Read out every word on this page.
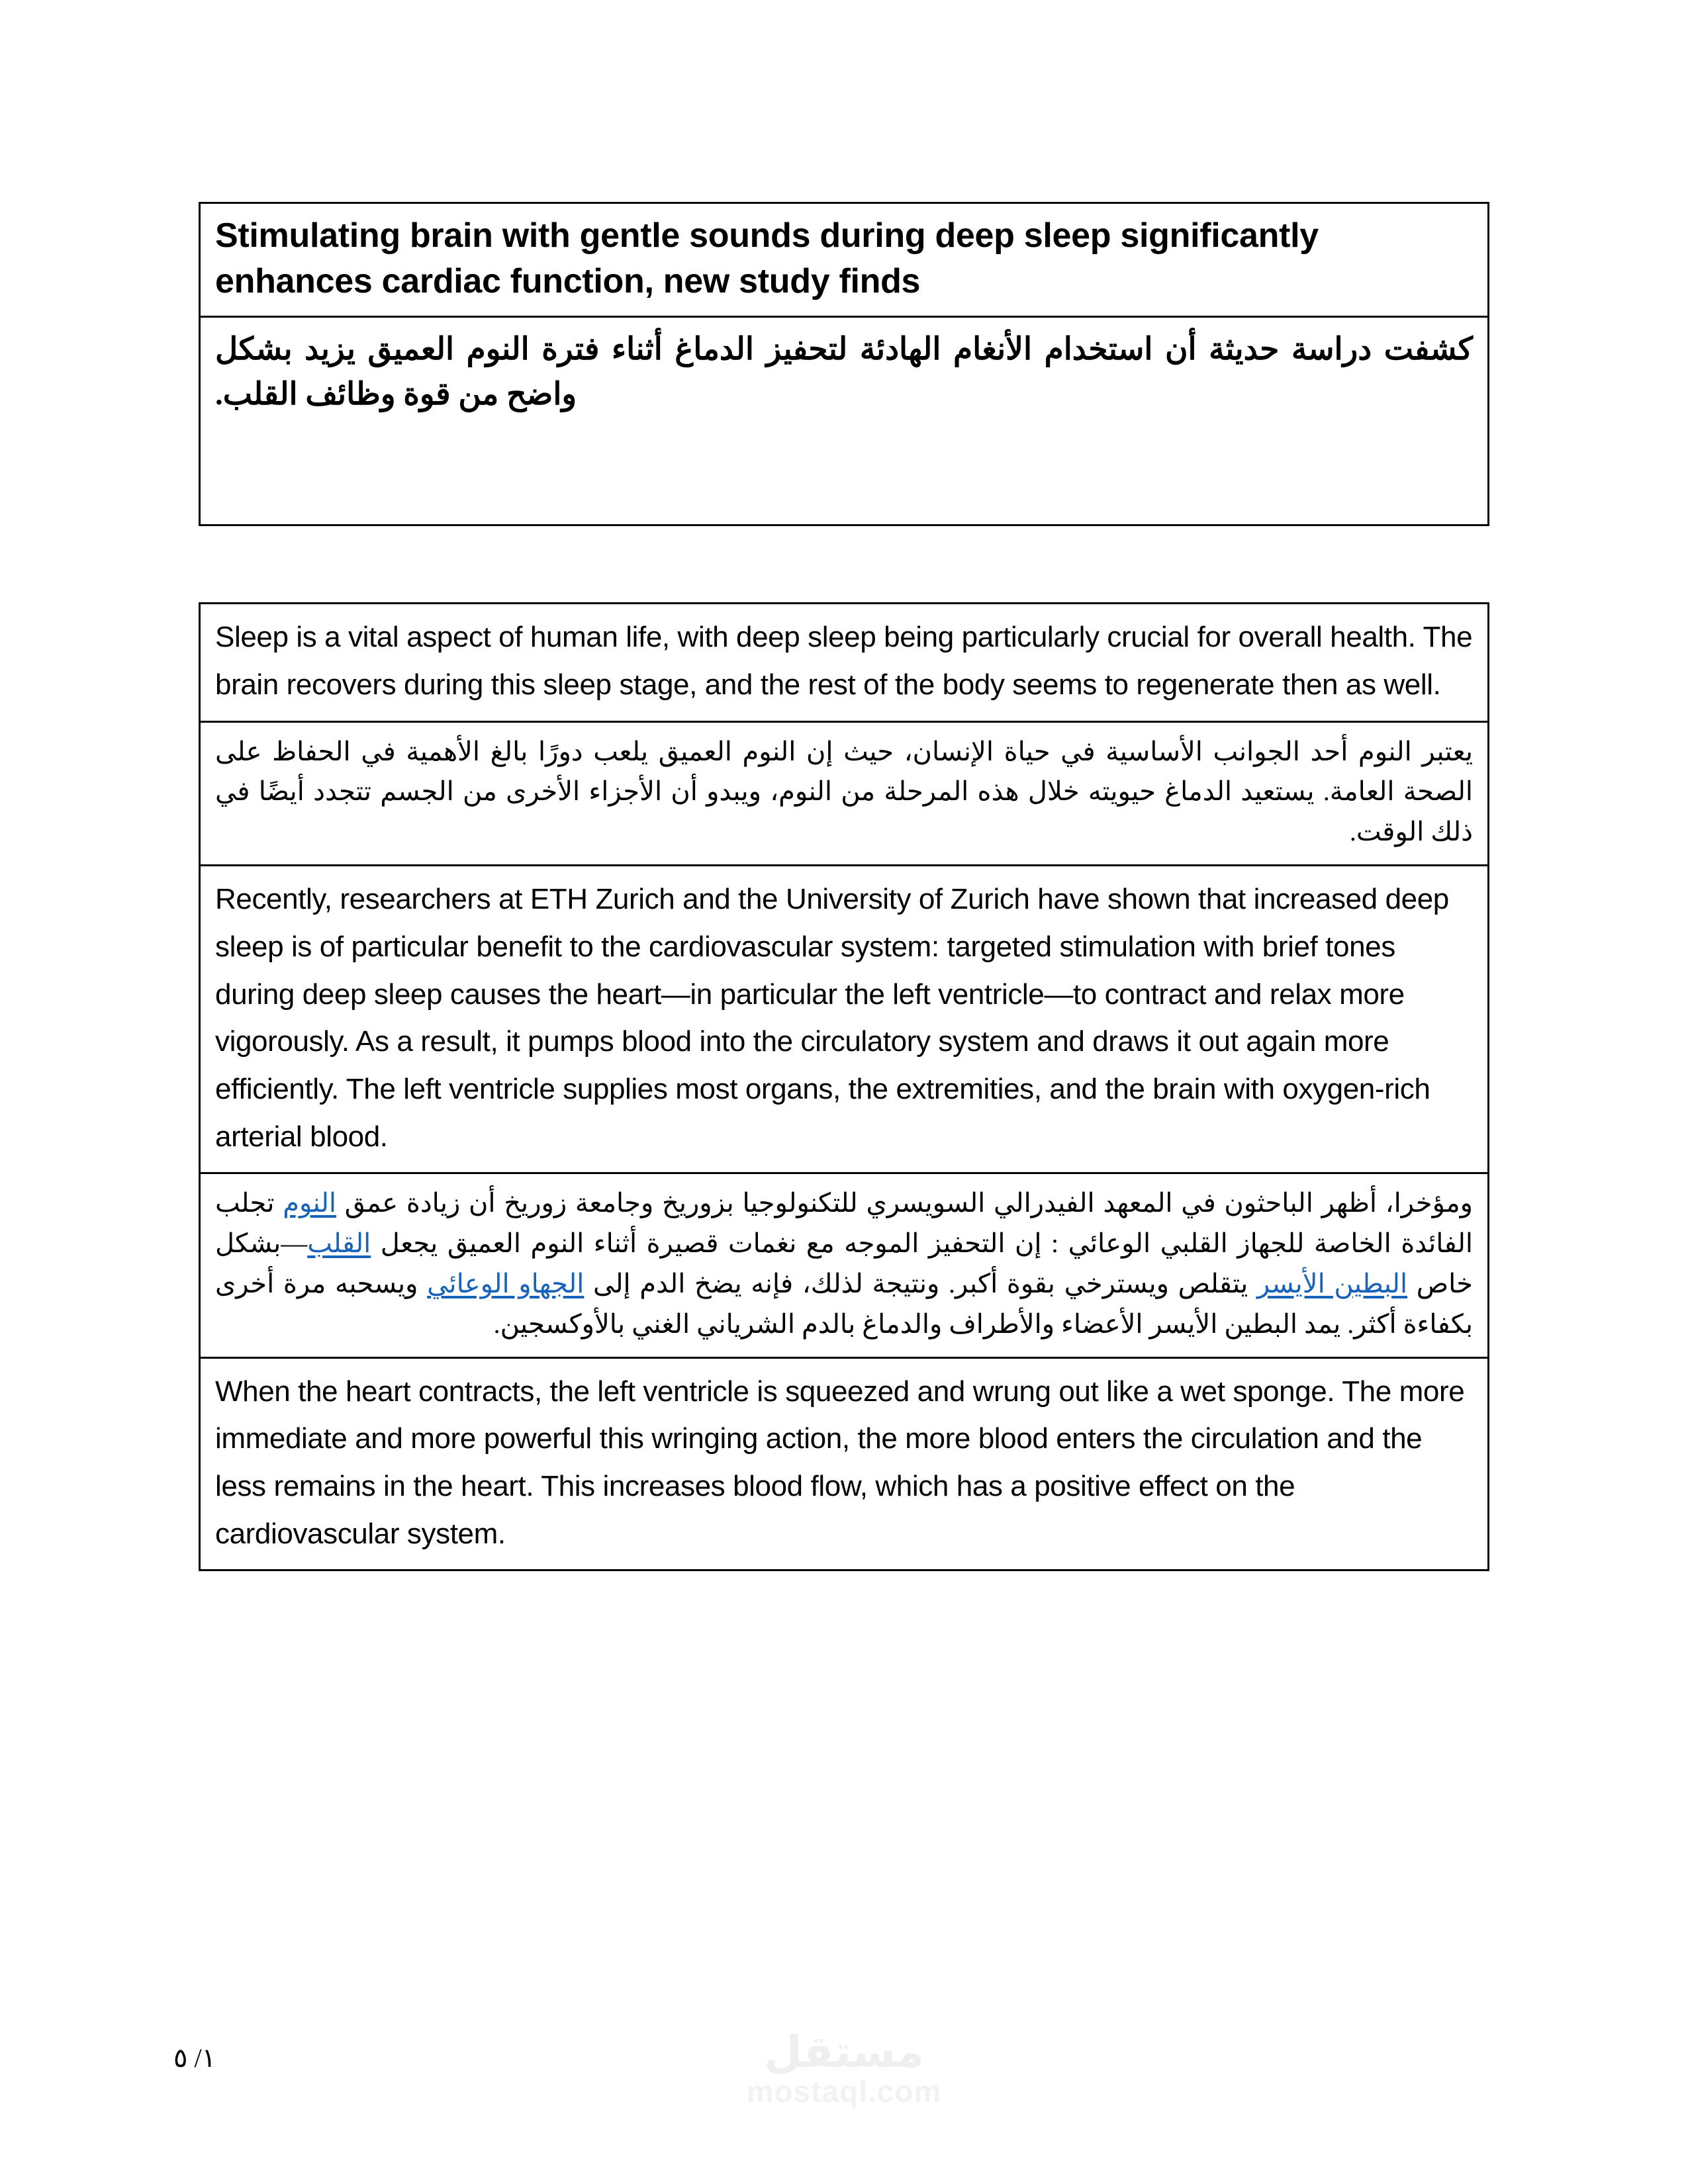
Stimulating brain with gentle sounds during deep sleep significantly enhances cardiac function, new study finds

كشفت دراسة حديثة أن استخدام الأنغام الهادئة لتحفيز الدماغ أثناء فترة النوم العميق يزيد بشكل واضح من قوة وظائف القلب.
Sleep is a vital aspect of human life, with deep sleep being particularly crucial for overall health. The brain recovers during this sleep stage, and the rest of the body seems to regenerate then as well.

يعتبر النوم أحد الجوانب الأساسية في حياة الإنسان، حيث إن النوم العميق يلعب دورًا بالغ الأهمية في الحفاظ على الصحة العامة. يستعيد الدماغ حيويته خلال هذه المرحلة من النوم، ويبدو أن الأجزاء الأخرى من الجسم تتجدد أيضًا في ذلك الوقت.

Recently, researchers at ETH Zurich and the University of Zurich have shown that increased deep sleep is of particular benefit to the cardiovascular system: targeted stimulation with brief tones during deep sleep causes the heart—in particular the left ventricle—to contract and relax more vigorously. As a result, it pumps blood into the circulatory system and draws it out again more efficiently. The left ventricle supplies most organs, the extremities, and the brain with oxygen-rich arterial blood.

ومؤخرا، أظهر الباحثون في المعهد الفيدرالي السويسري للتكنولوجيا بزوريخ وجامعة زوريخ أن زيادة عمق النوم تجلب الفائدة الخاصة للجهاز القلبي الوعائي : إن التحفيز الموجه مع نغمات قصيرة أثناء النوم العميق يجعل القلب—بشكل خاص البطين الأيسر يتقلص ويسترخي بقوة أكبر. ونتيجة لذلك، فإنه يضخ الدم إلى الجهاو الوعائي ويسحبه مرة أخرى بكفاءة أكثر. يمد البطين الأيسر الأعضاء والأطراف والدماغ بالدم الشرياني الغني بالأوكسجين.

When the heart contracts, the left ventricle is squeezed and wrung out like a wet sponge. The more immediate and more powerful this wringing action, the more blood enters the circulation and the less remains in the heart. This increases blood flow, which has a positive effect on the cardiovascular system.
١/ ٥	مستقل
mostaql.com
